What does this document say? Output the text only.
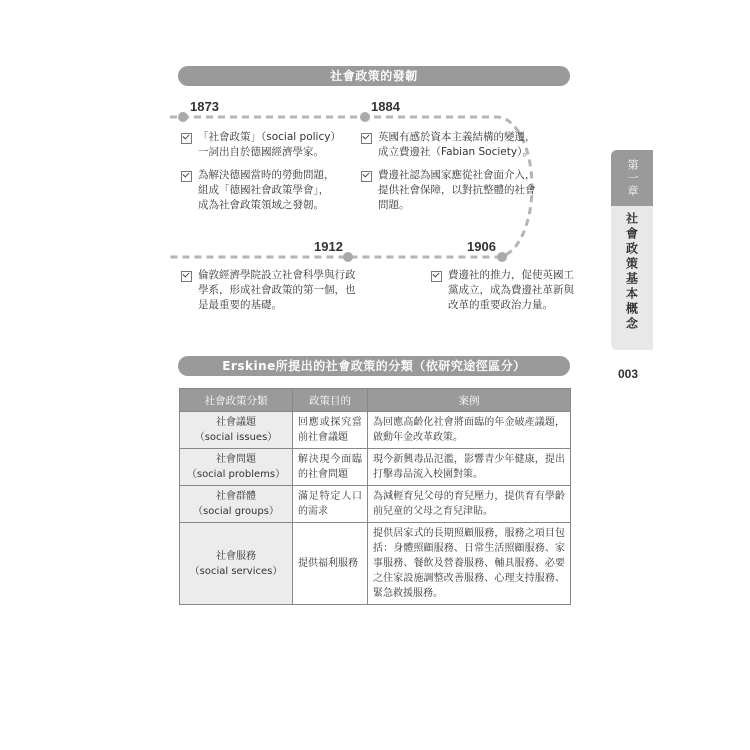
社會政策的發韌
1873	1884
1906
1912
「社會政策」（social policy）
一詞出自於德國經濟學家。
為解決德國當時的勞動問題，
組成「德國社會政策學會」，
成為社會政策領域之發韌。
英國有感於資本主義結構的變遷，
成立費邊社（Fabian Society）。
費邊社認為國家應從社會面介入，
提供社會保障，以對抗整體的社會
問題。
費邊社的推力，促使英國工
黨成立，成為費邊社革新與
改革的重要政治力量。
倫敦經濟學院設立社會科學與行政
學系，形成社會政策的第一個，也
是最重要的基礎。
第一章
社會政策基本概念
003
Erskine所提出的社會政策的分類（依研究途徑區分）
社會政策分類	政策目的	案例
社會議題
（social issues）	回應或探究當前社會議題	為回應高齡化社會將面臨的年金破產議題，啟動年金改革政策。
社會問題
（social problems）	解決現今面臨的社會問題	現今新興毒品氾濫，影響青少年健康，提出打擊毒品流入校園對策。
社會群體
（social groups）	滿足特定人口的需求	為減輕育兒父母的育兒壓力，提供育有學齡前兒童的父母之育兒津貼。
社會服務
（social services）	提供福利服務	提供居家式的長期照顧服務，服務之項目包括：身體照顧服務、日常生活照顧服務、家事服務、餐飲及營養服務、輔具服務、必要之住家設施調整改善服務、心理支持服務、緊急救援服務。
